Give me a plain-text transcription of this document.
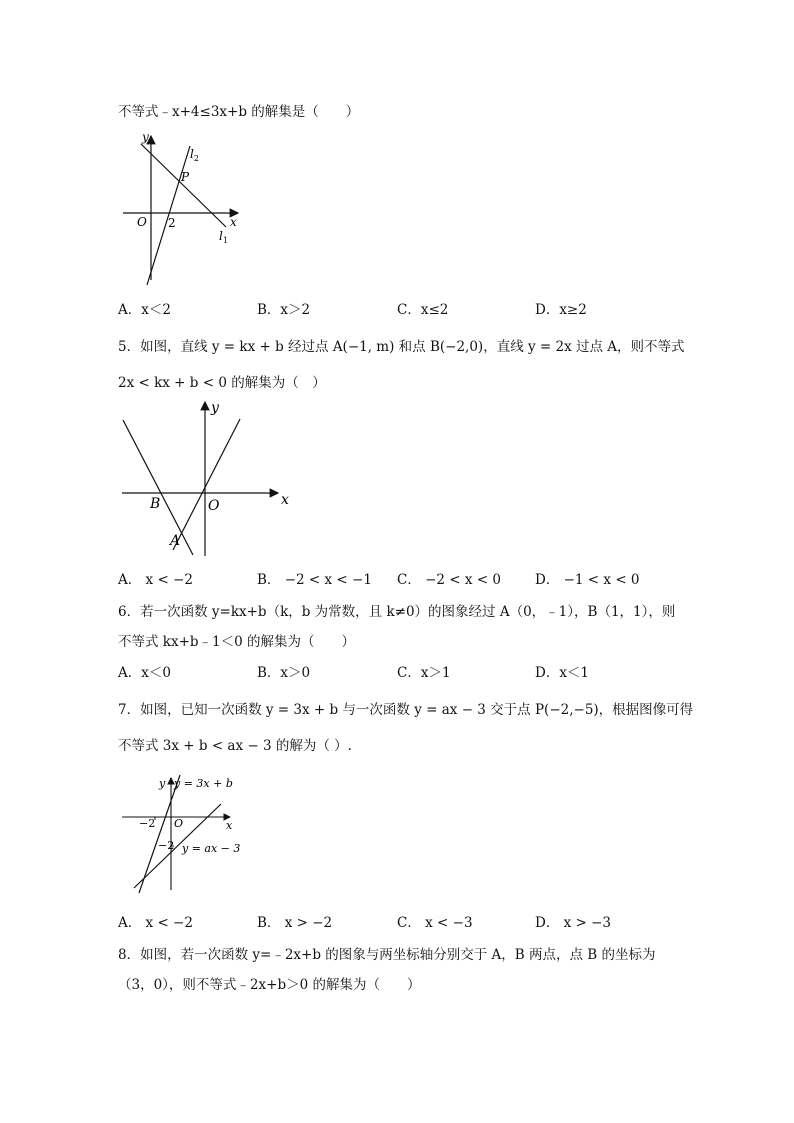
不等式﹣x+4≤3x+b 的解集是（　　）
y
x
O 2
P
$l_2$
$l_1$
A．x＜2	B．x＞2	C．x≤2	D．x≥2
5．如图，直线 y = kx + b 经过点 A(−1, m) 和点 B(−2,0)，直线 y = 2x 过点 A，则不等式
2x < kx + b < 0 的解集为（　）
y
x
O
B
A
A． x < −2	B． −2 < x < −1 C． −2 < x < 0	D． −1 < x < 0
6．若一次函数 y=kx+b（k，b 为常数，且 k≠0）的图象经过 A（0，﹣1），B（1，1），则
不等式 kx+b﹣1＜0 的解集为（　　）
A．x＜0	B．x＞0	C．x＞1	D．x＜1
7．如图，已知一次函数 y = 3x + b 与一次函数 y = ax − 3 交于点 P(−2,−5)，根据图像可得
不等式 3x + b < ax − 3 的解为（ ）.
y y = 3x + b
x
−2 O
−2 y = ax − 3
A． x < −2	B． x > −2	C． x < −3	D． x > −3
8．如图，若一次函数 y=﹣2x+b 的图象与两坐标轴分别交于 A，B 两点，点 B 的坐标为
（3，0），则不等式﹣2x+b＞0 的解集为（　　）
